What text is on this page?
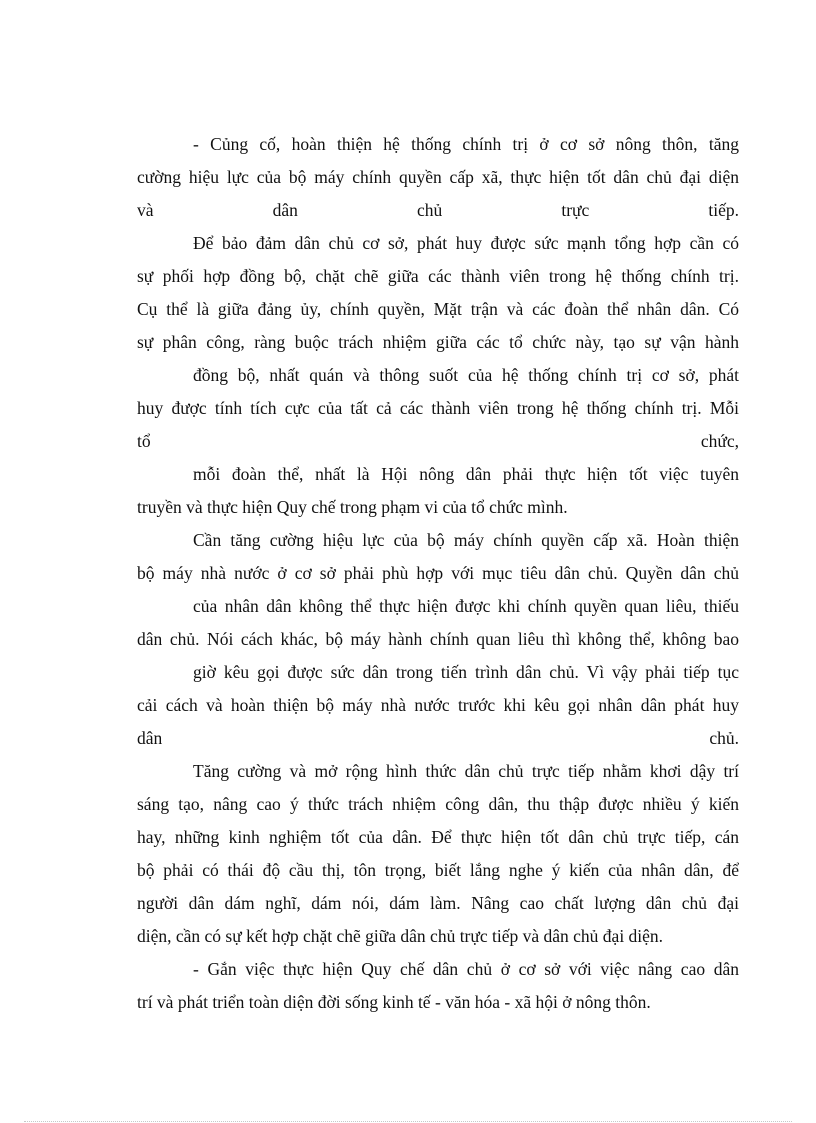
- Củng cố, hoàn thiện hệ thống chính trị ở cơ sở nông thôn, tăng
cường hiệu lực của bộ máy chính quyền cấp xã, thực hiện tốt dân chủ đại diện
và dân chủ trực tiếp.
Để bảo đảm dân chủ cơ sở, phát huy được sức mạnh tổng hợp cần có
sự phối hợp đồng bộ, chặt chẽ giữa các thành viên trong hệ thống chính trị.
Cụ thể là giữa đảng ủy, chính quyền, Mặt trận và các đoàn thể nhân dân. Có
sự phân công, ràng buộc trách nhiệm giữa các tổ chức này, tạo sự vận hành
đồng bộ, nhất quán và thông suốt của hệ thống chính trị cơ sở, phát
huy được tính tích cực của tất cả các thành viên trong hệ thống chính trị. Mỗi
tổ chức,
mỗi đoàn thể, nhất là Hội nông dân phải thực hiện tốt việc tuyên
truyền và thực hiện Quy chế trong phạm vi của tổ chức mình.
Cần tăng cường hiệu lực của bộ máy chính quyền cấp xã. Hoàn thiện
bộ máy nhà nước ở cơ sở phải phù hợp với mục tiêu dân chủ. Quyền dân chủ
của nhân dân không thể thực hiện được khi chính quyền quan liêu, thiếu
dân chủ. Nói cách khác, bộ máy hành chính quan liêu thì không thể, không bao
giờ kêu gọi được sức dân trong tiến trình dân chủ. Vì vậy phải tiếp tục
cải cách và hoàn thiện bộ máy nhà nước trước khi kêu gọi nhân dân phát huy
dân chủ.
Tăng cường và mở rộng hình thức dân chủ trực tiếp nhằm khơi dậy trí
sáng tạo, nâng cao ý thức trách nhiệm công dân, thu thập được nhiều ý kiến
hay, những kinh nghiệm tốt của dân. Để thực hiện tốt dân chủ trực tiếp, cán
bộ phải có thái độ cầu thị, tôn trọng, biết lắng nghe ý kiến của nhân dân, để
người dân dám nghĩ, dám nói, dám làm. Nâng cao chất lượng dân chủ đại
diện, cần có sự kết hợp chặt chẽ giữa dân chủ trực tiếp và dân chủ đại diện.
- Gắn việc thực hiện Quy chế dân chủ ở cơ sở với việc nâng cao dân
trí và phát triển toàn diện đời sống kinh tế - văn hóa - xã hội ở nông thôn.
